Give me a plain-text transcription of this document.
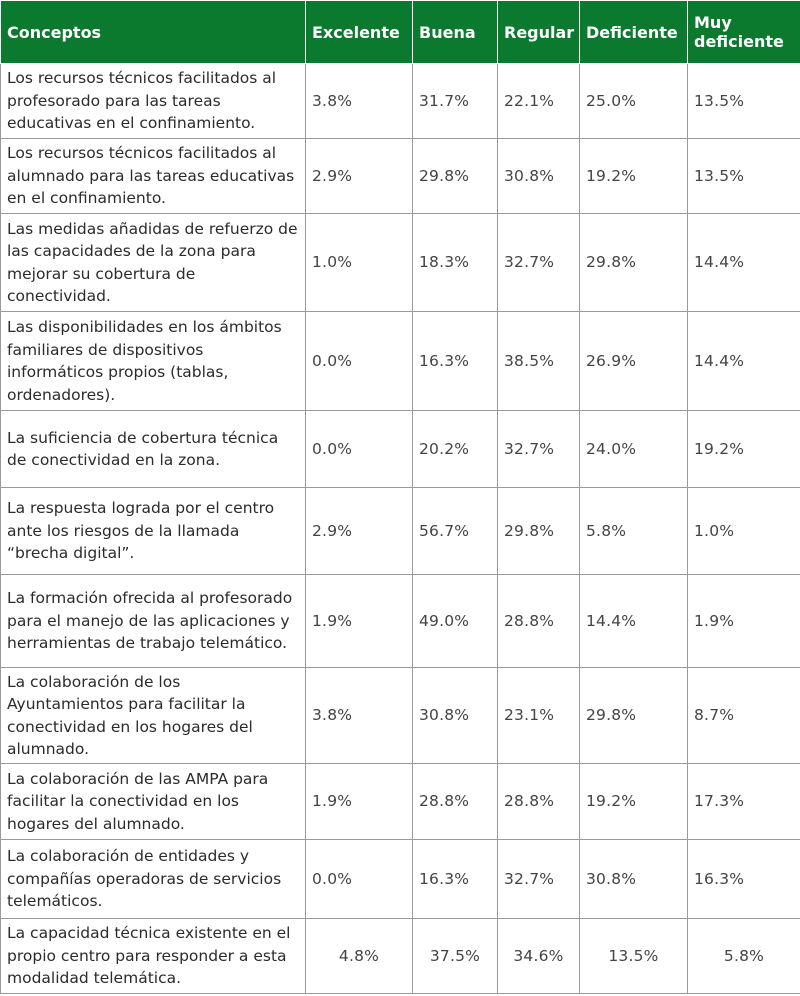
Conceptos	Excelente	Buena	Regular	Deficiente	Muy deficiente
Los recursos técnicos facilitados al profesorado para las tareas educativas en el confinamiento.	3.8%	31.7%	22.1%	25.0%	13.5%
Los recursos técnicos facilitados al alumnado para las tareas educativas en el confinamiento.	2.9%	29.8%	30.8%	19.2%	13.5%
Las medidas añadidas de refuerzo de las capacidades de la zona para mejorar su cobertura de conectividad.	1.0%	18.3%	32.7%	29.8%	14.4%
Las disponibilidades en los ámbitos familiares de dispositivos informáticos propios (tablas, ordenadores).	0.0%	16.3%	38.5%	26.9%	14.4%
La suficiencia de cobertura técnica de conectividad en la zona.	0.0%	20.2%	32.7%	24.0%	19.2%
La respuesta lograda por el centro ante los riesgos de la llamada “brecha digital”.	2.9%	56.7%	29.8%	5.8%	1.0%
La formación ofrecida al profesorado para el manejo de las aplicaciones y herramientas de trabajo telemático.	1.9%	49.0%	28.8%	14.4%	1.9%
La colaboración de los Ayuntamientos para facilitar la conectividad en los hogares del alumnado.	3.8%	30.8%	23.1%	29.8%	8.7%
La colaboración de las AMPA para facilitar la conectividad en los hogares del alumnado.	1.9%	28.8%	28.8%	19.2%	17.3%
La colaboración de entidades y compañías operadoras de servicios telemáticos.	0.0%	16.3%	32.7%	30.8%	16.3%
La capacidad técnica existente en el propio centro para responder a esta modalidad telemática.	4.8%	37.5%	34.6%	13.5%	5.8%
